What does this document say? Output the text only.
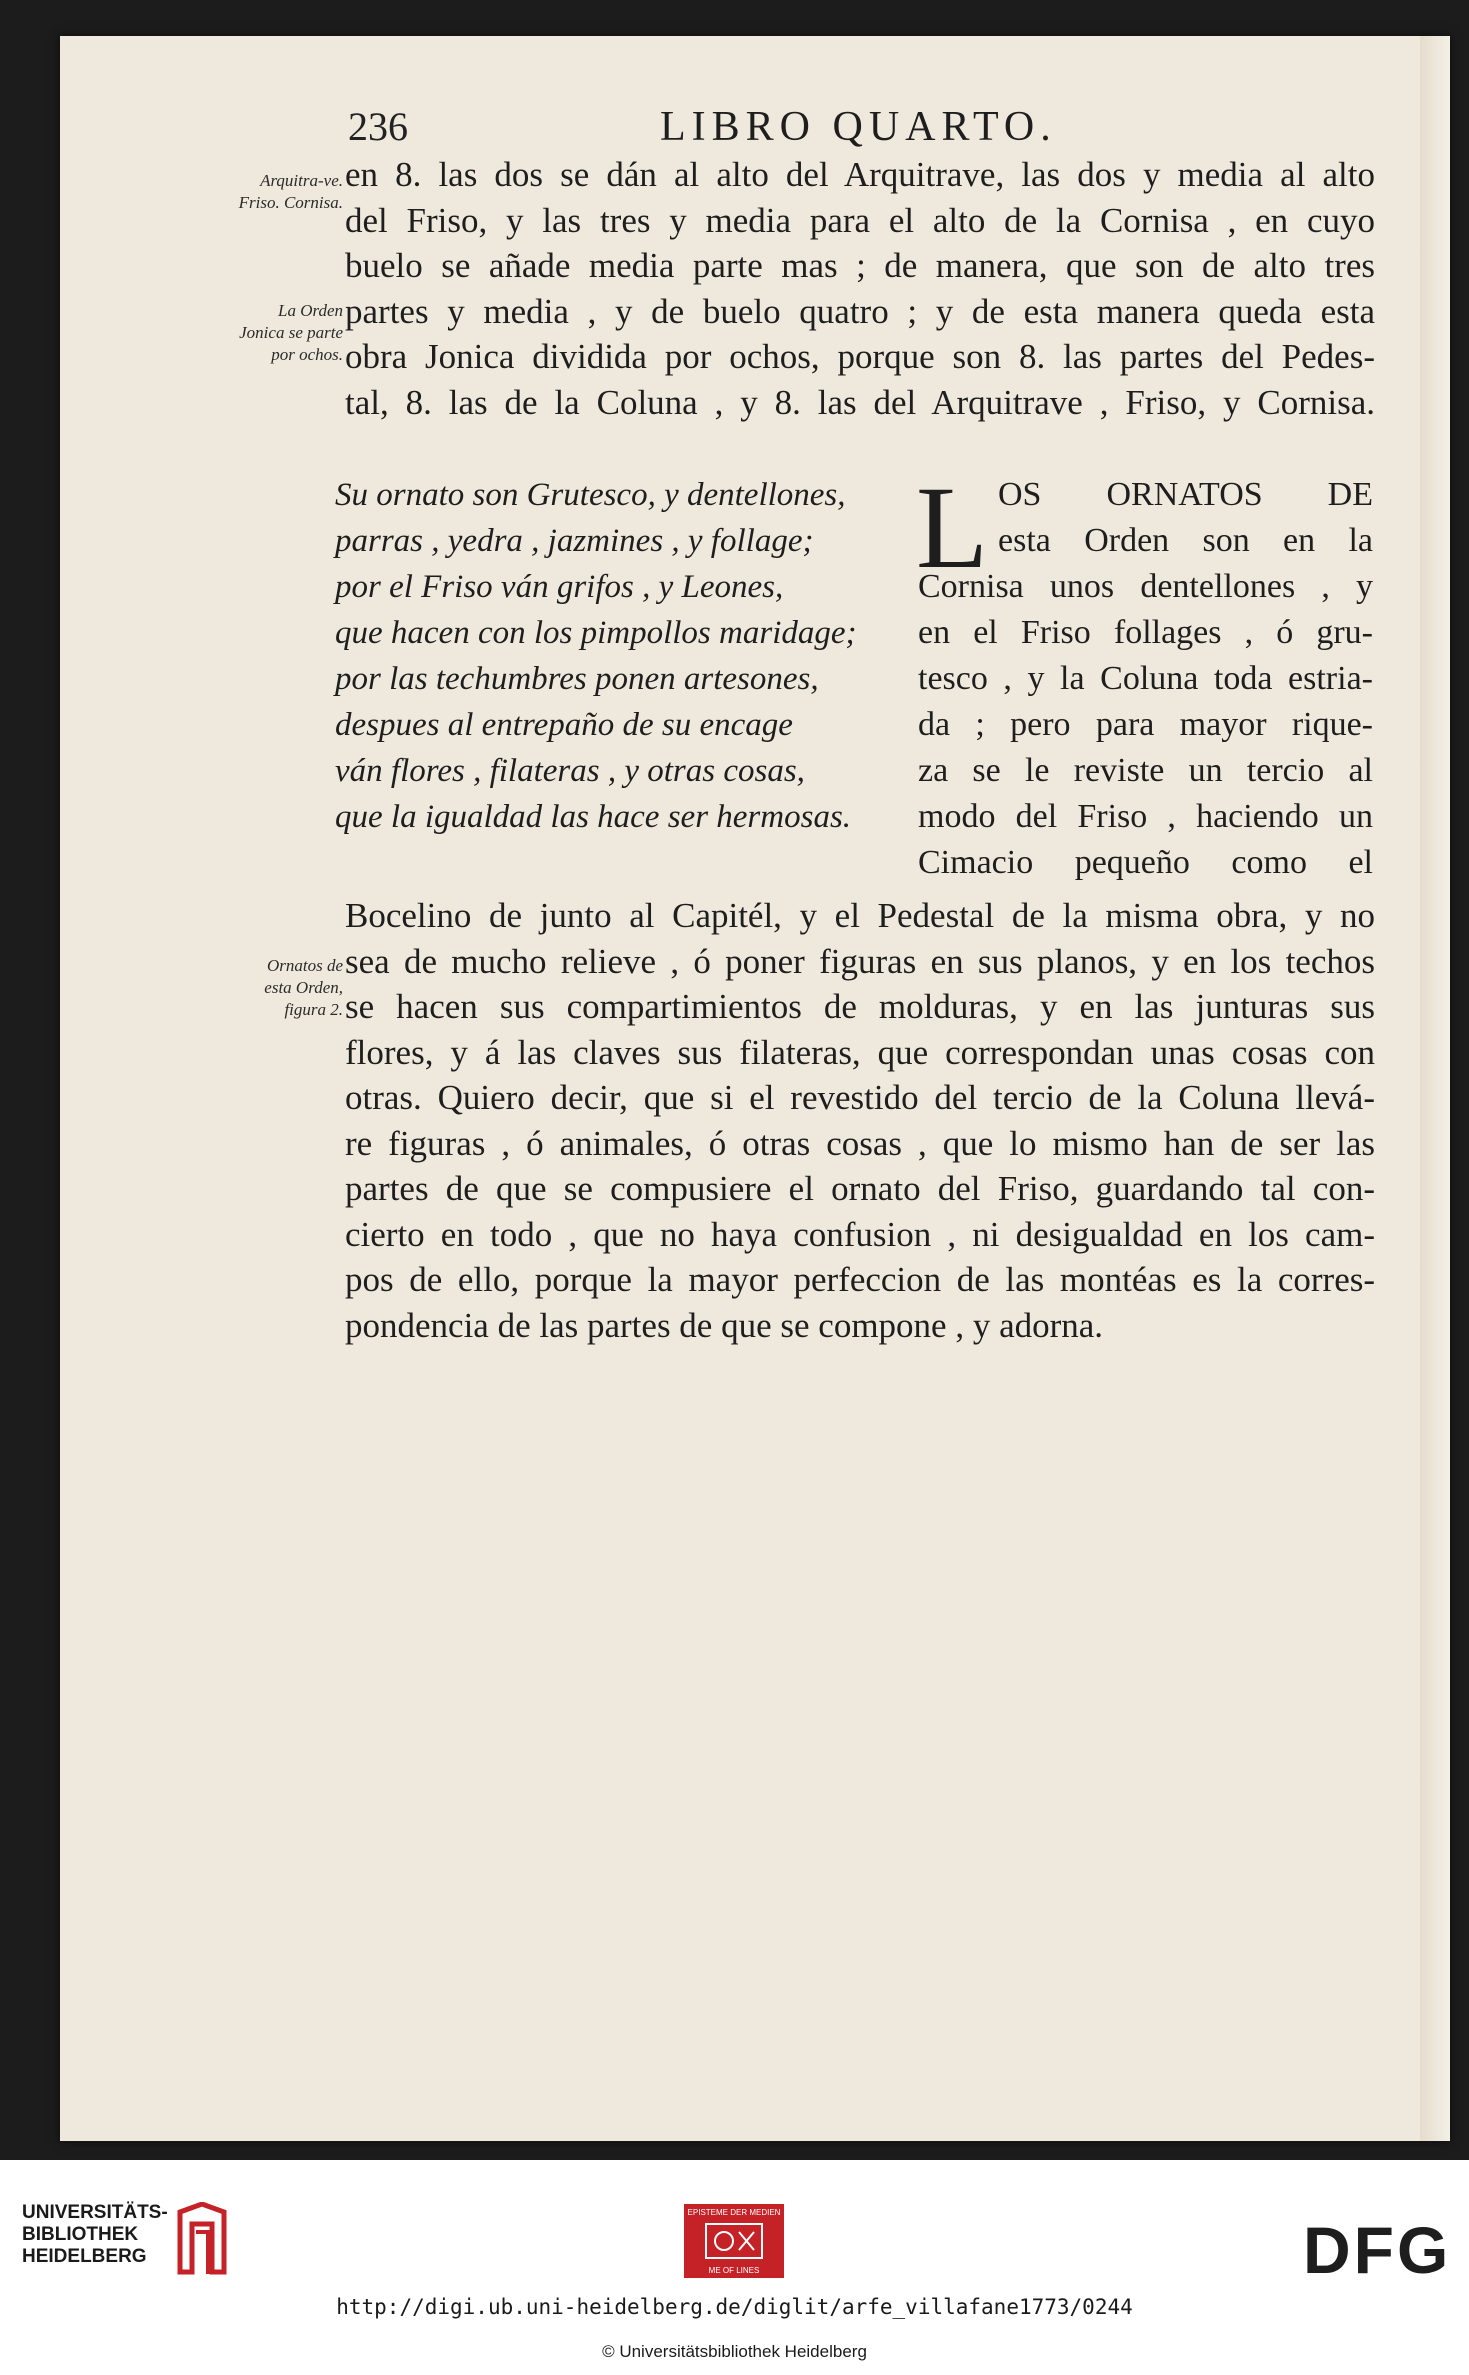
236	LIBRO QUARTO.
Arquitra-ve. Friso. Cornisa.
La Orden Jonica se parte por ochos.
Ornatos de esta Orden, figura 2.
en 8. las dos se dán al alto del Arquitrave, las dos y media al alto
del Friso, y las tres y media para el alto de la Cornisa , en cuyo
buelo se añade media parte mas ; de manera, que son de alto tres
partes y media , y de buelo quatro ; y de esta manera queda esta
obra Jonica dividida por ochos, porque son 8. las partes del Pedes-
tal, 8. las de la Coluna , y 8. las del Arquitrave , Friso, y Cornisa.
Su ornato son Grutesco, y dentellones,
parras , yedra , jazmines , y follage;
por el Friso ván grifos , y Leones,
que hacen con los pimpollos maridage;
por las techumbres ponen artesones,
despues al entrepaño de su encage
ván flores , filateras , y otras cosas,
que la igualdad las hace ser hermosas.
L OS ORNATOS DE
esta Orden son en la
Cornisa unos dentellones , y
en el Friso follages , ó gru-
tesco , y la Coluna toda estria-
da ; pero para mayor rique-
za se le reviste un tercio al
modo del Friso , haciendo un
Cimacio pequeño como el
Bocelino de junto al Capitél, y el Pedestal de la misma obra, y no
sea de mucho relieve , ó poner figuras en sus planos, y en los techos
se hacen sus compartimientos de molduras, y en las junturas sus
flores, y á las claves sus filateras, que correspondan unas cosas con
otras. Quiero decir, que si el revestido del tercio de la Coluna llevá-
re figuras , ó animales, ó otras cosas , que lo mismo han de ser las
partes de que se compusiere el ornato del Friso, guardando tal con-
cierto en todo , que no haya confusion , ni desigualdad en los cam-
pos de ello, porque la mayor perfeccion de las montéas es la corres-
pondencia de las partes de que se compone , y adorna.
UNIVERSITÄTS-
BIBLIOTHEK
HEIDELBERG
EPISTEME DER MEDIEN
ME OF LINES	DFG
http://digi.ub.uni-heidelberg.de/diglit/arfe_villafane1773/0244
© Universitätsbibliothek Heidelberg
